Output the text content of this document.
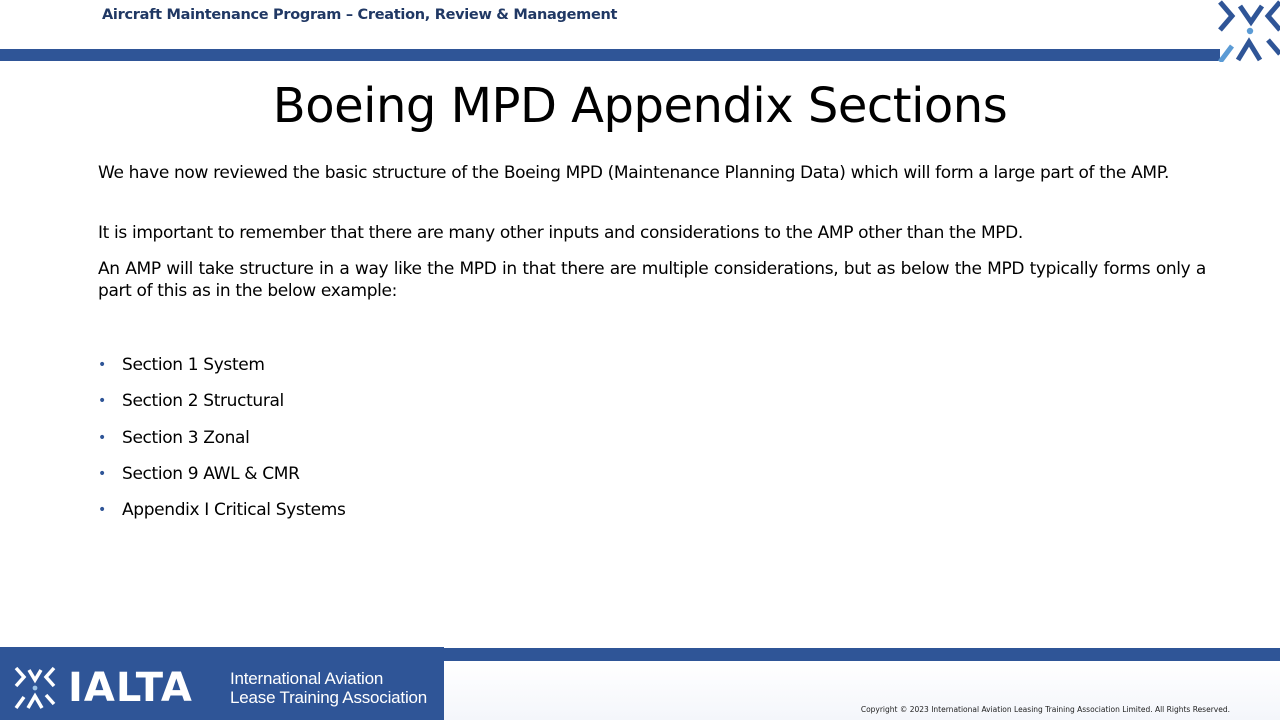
Aircraft Maintenance Program – Creation, Review & Management
Boeing MPD Appendix Sections

We have now reviewed the basic structure of the Boeing MPD (Maintenance Planning Data) which will form a large part of the AMP.

It is important to remember that there are many other inputs and considerations to the AMP other than the MPD.

An AMP will take structure in a way like the MPD in that there are multiple considerations, but as below the MPD typically forms only a part of this as in the below example:

• Section 1 System
• Section 2 Structural
• Section 3 Zonal
• Section 9 AWL & CMR
• Appendix I Critical Systems
IALTA International Aviation
Lease Training Association
Copyright © 2023 International Aviation Leasing Training Association Limited. All Rights Reserved.
